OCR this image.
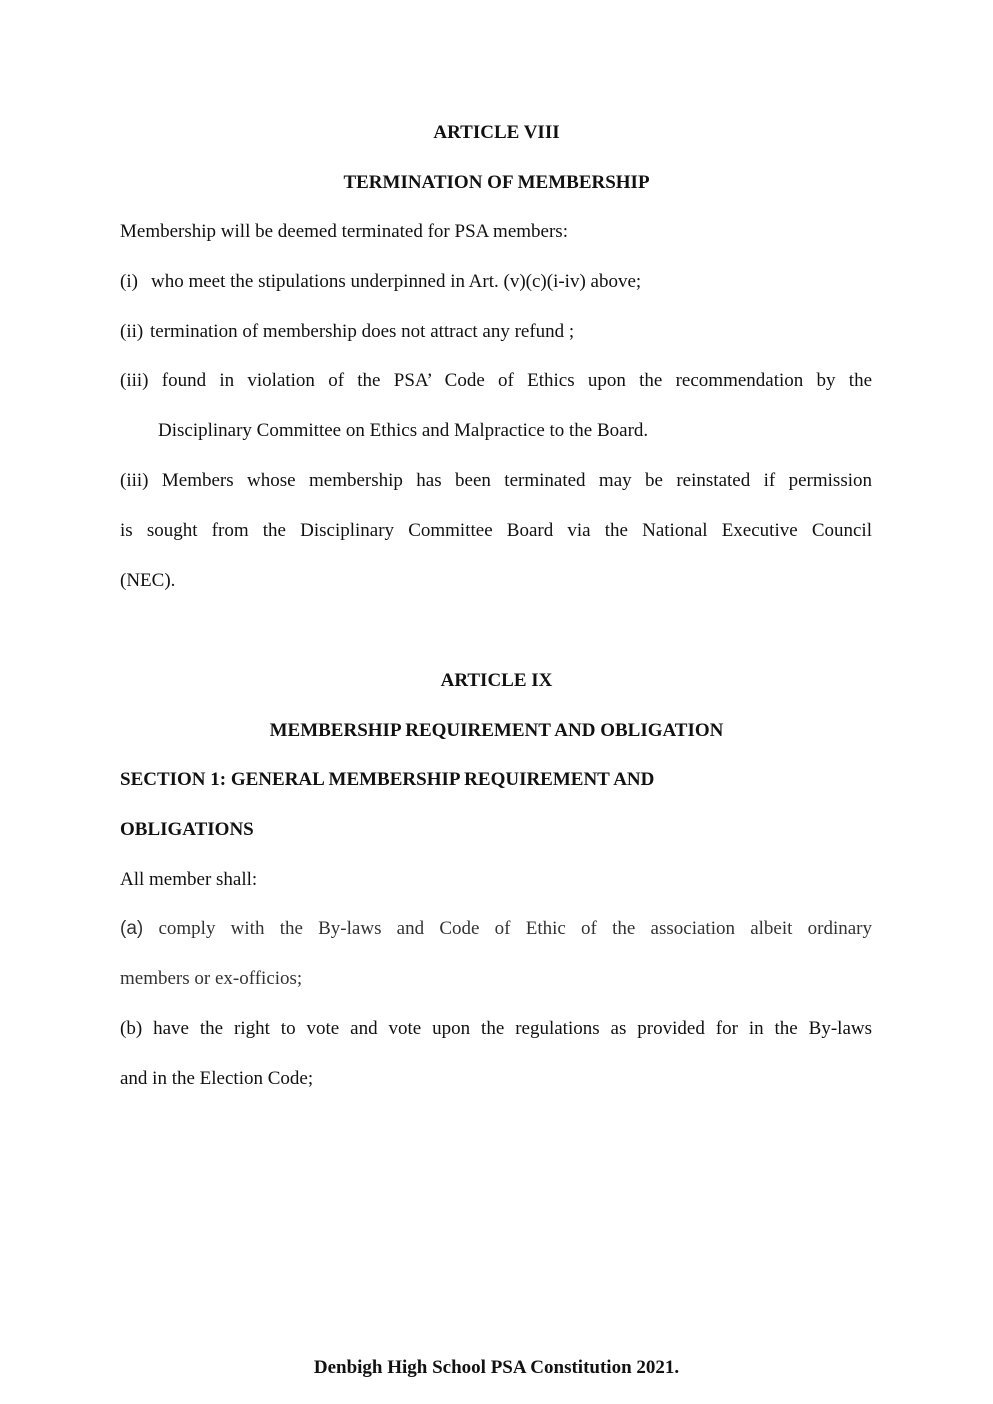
ARTICLE VIII
TERMINATION OF MEMBERSHIP
Membership will be deemed terminated for PSA members:
(i) who meet the stipulations underpinned in Art. (v)(c)(i-iv) above;
(ii) termination of membership does not attract any refund ;
(iii) found in violation of the PSA’ Code of Ethics upon the recommendation by the
Disciplinary Committee on Ethics and Malpractice to the Board.
(iii) Members whose membership has been terminated may be reinstated if permission
is sought from the Disciplinary Committee Board via the National Executive Council
(NEC).
ARTICLE IX
MEMBERSHIP REQUIREMENT AND OBLIGATION
SECTION 1: GENERAL MEMBERSHIP REQUIREMENT AND
OBLIGATIONS
All member shall:
(a) comply with the By-laws and Code of Ethic of the association albeit ordinary
members or ex-officios;
(b) have the right to vote and vote upon the regulations as provided for in the By-laws
and in the Election Code;
Denbigh High School PSA Constitution 2021.
